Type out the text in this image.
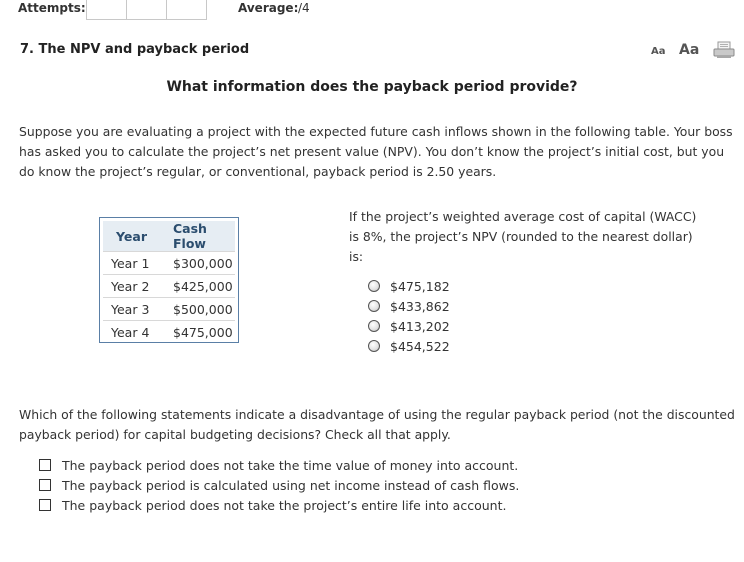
Attempts:	Average: /4
7. The NPV and payback period	Aa Aa
What information does the payback period provide?
Suppose you are evaluating a project with the expected future cash inflows shown in the following table. Your boss has asked you to calculate the project’s net present value (NPV). You don’t know the project’s initial cost, but you do know the project’s regular, or conventional, payback period is 2.50 years.
Year	Cash Flow
Year 1	$300,000
Year 2	$425,000
Year 3	$500,000
Year 4	$475,000
If the project’s weighted average cost of capital (WACC) is 8%, the project’s NPV (rounded to the nearest dollar) is:
$475,182
$433,862
$413,202
$454,522
Which of the following statements indicate a disadvantage of using the regular payback period (not the discounted payback period) for capital budgeting decisions? Check all that apply.
The payback period does not take the time value of money into account.
The payback period is calculated using net income instead of cash flows.
The payback period does not take the project’s entire life into account.
